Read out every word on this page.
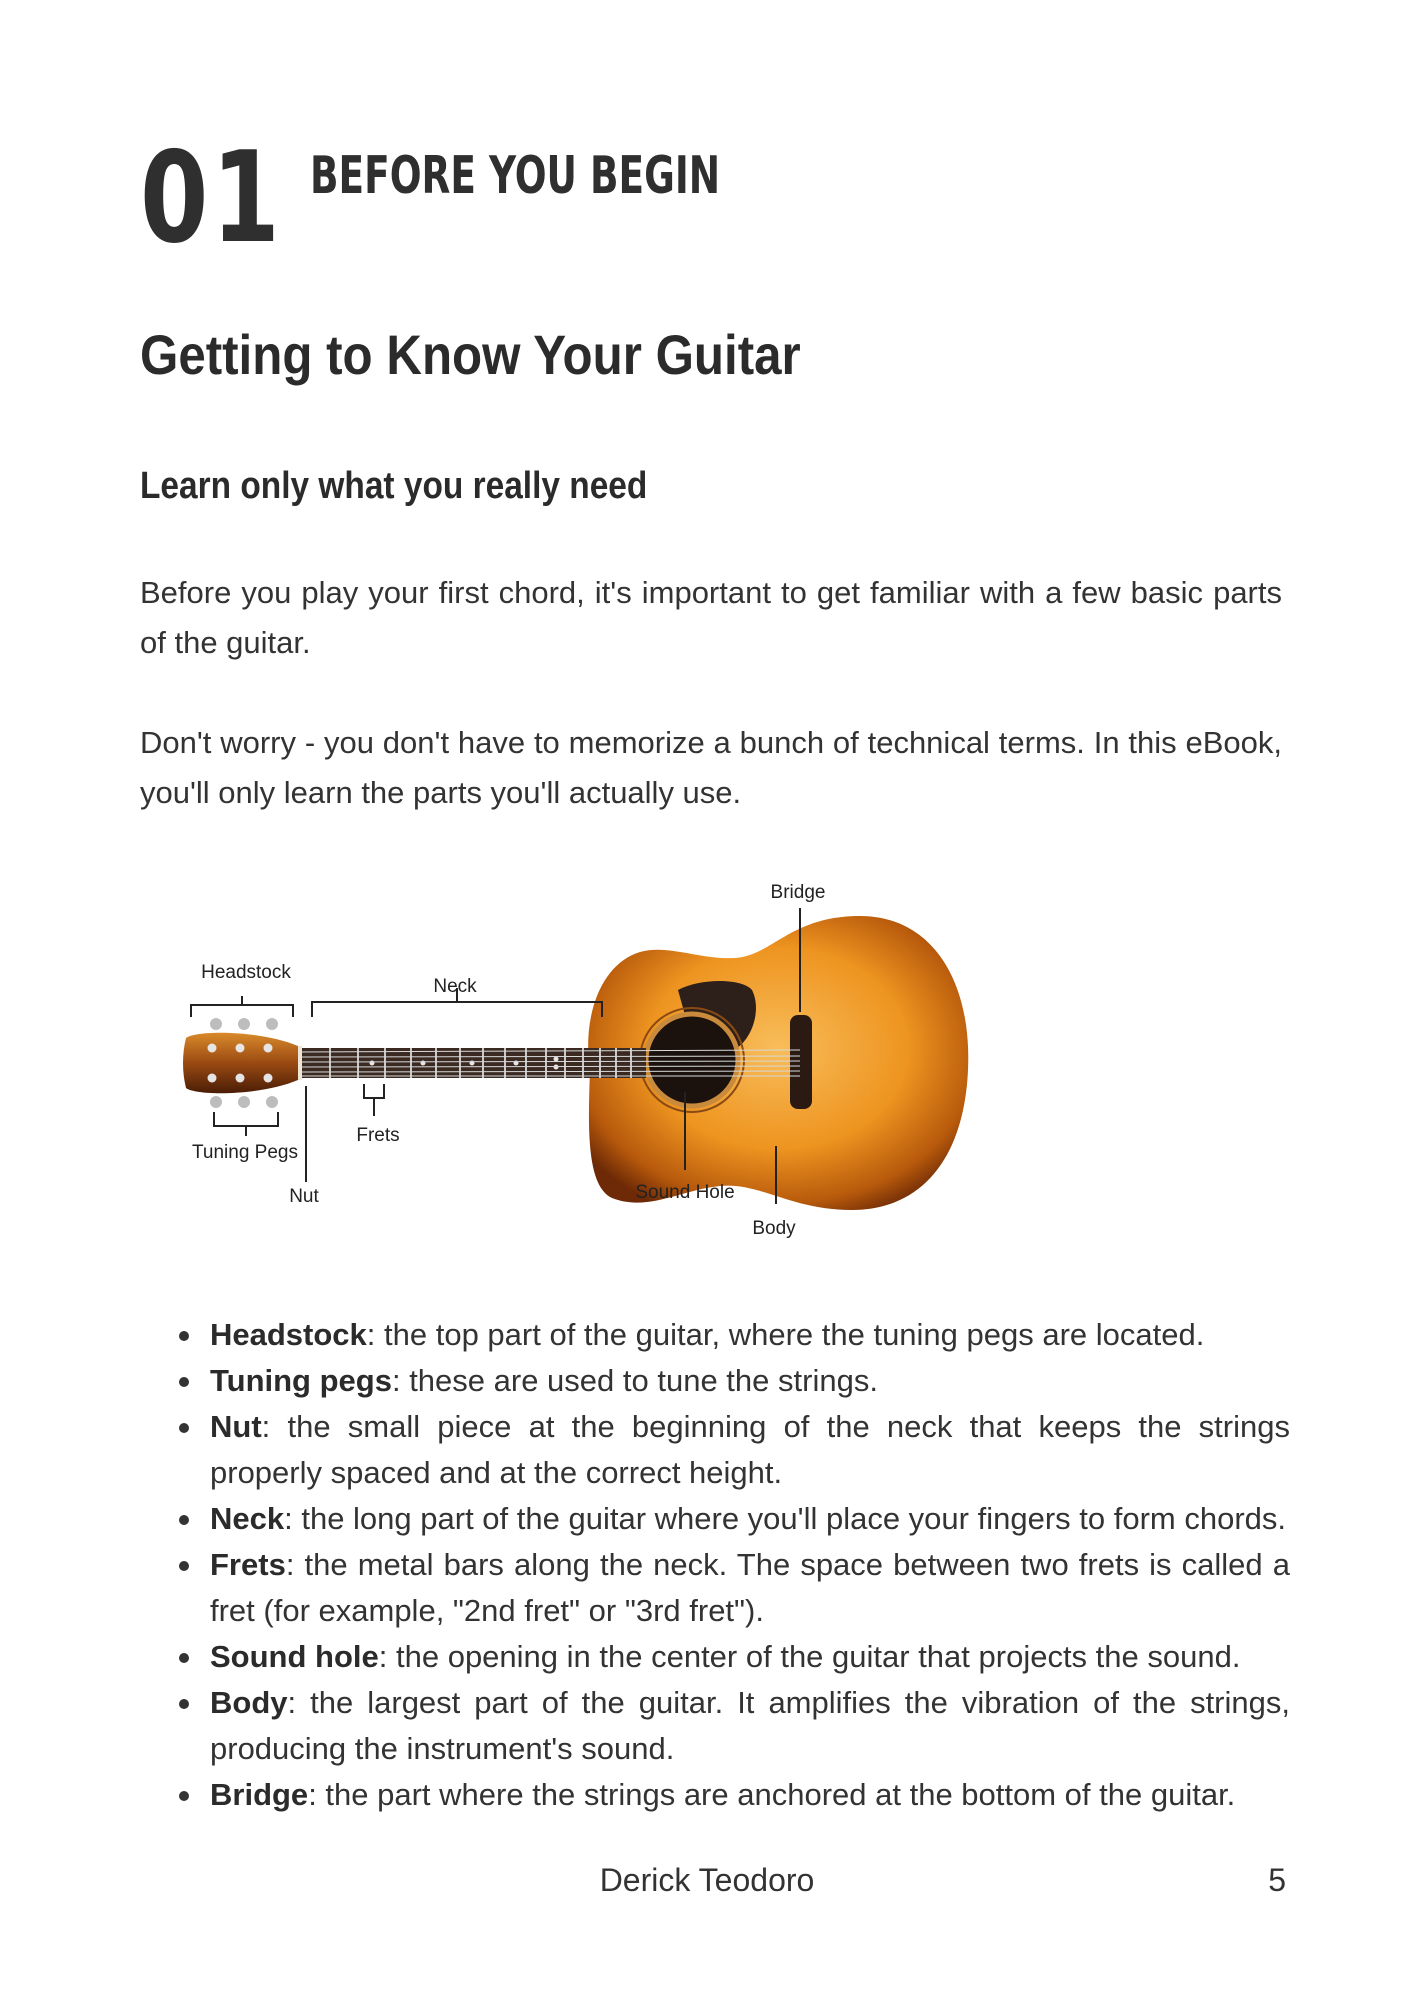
01 BEFORE YOU BEGIN
Getting to Know Your Guitar
Learn only what you really need
Before you play your first chord, it's important to get familiar with a few basic parts of the guitar.
Don't worry - you don't have to memorize a bunch of technical terms. In this eBook, you'll only learn the parts you'll actually use.
Bridge
Headstock
Neck
Tuning Pegs
Frets
Nut	Sound Hole
Body
Headstock: the top part of the guitar, where the tuning pegs are located.
Tuning pegs: these are used to tune the strings.
Nut: the small piece at the beginning of the neck that keeps the strings properly spaced and at the correct height.
Neck: the long part of the guitar where you'll place your fingers to form chords.
Frets: the metal bars along the neck. The space between two frets is called a fret (for example, "2nd fret" or "3rd fret").
Sound hole: the opening in the center of the guitar that projects the sound.
Body: the largest part of the guitar. It amplifies the vibration of the strings, producing the instrument's sound.
Bridge: the part where the strings are anchored at the bottom of the guitar.
Derick Teodoro	5
